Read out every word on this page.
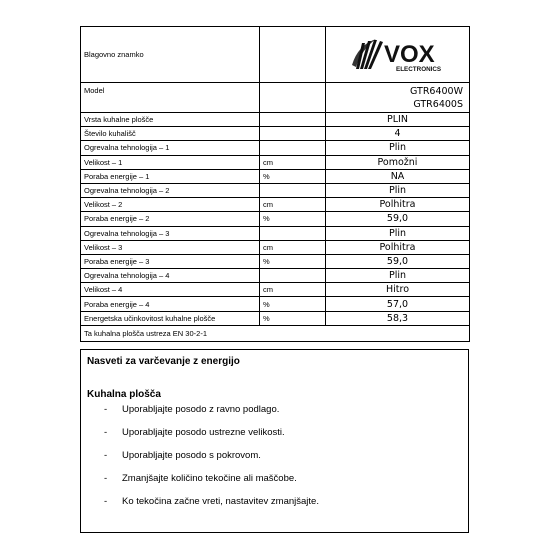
Blagovno znamko		VOX
ELECTRONICS

Model		GTR6400W
GTR6400S

Vrsta kuhalne plošče		PLIN
Število kuhališč		4
Ogrevalna tehnologija – 1		Plin
Velikost – 1	cm	Pomožni
Poraba energije – 1	%	NA
Ogrevalna tehnologija – 2		Plin
Velikost – 2	cm	Polhitra
Poraba energije – 2	%	59,0
Ogrevalna tehnologija – 3		Plin
Velikost – 3	cm	Polhitra
Poraba energije – 3	%	59,0
Ogrevalna tehnologija – 4		Plin
Velikost – 4	cm	Hitro
Poraba energije – 4	%	57,0
Energetska učinkovitost kuhalne plošče	%	58,3
Ta kuhalna plošča ustreza EN 30-2-1		
Nasveti za varčevanje z energijo
Kuhalna plošča
-	Uporabljajte posodo z ravno podlago.
-	Uporabljajte posodo ustrezne velikosti.
-	Uporabljajte posodo s pokrovom.
-	Zmanjšajte količino tekočine ali maščobe.
-	Ko tekočina začne vreti, nastavitev zmanjšajte.
